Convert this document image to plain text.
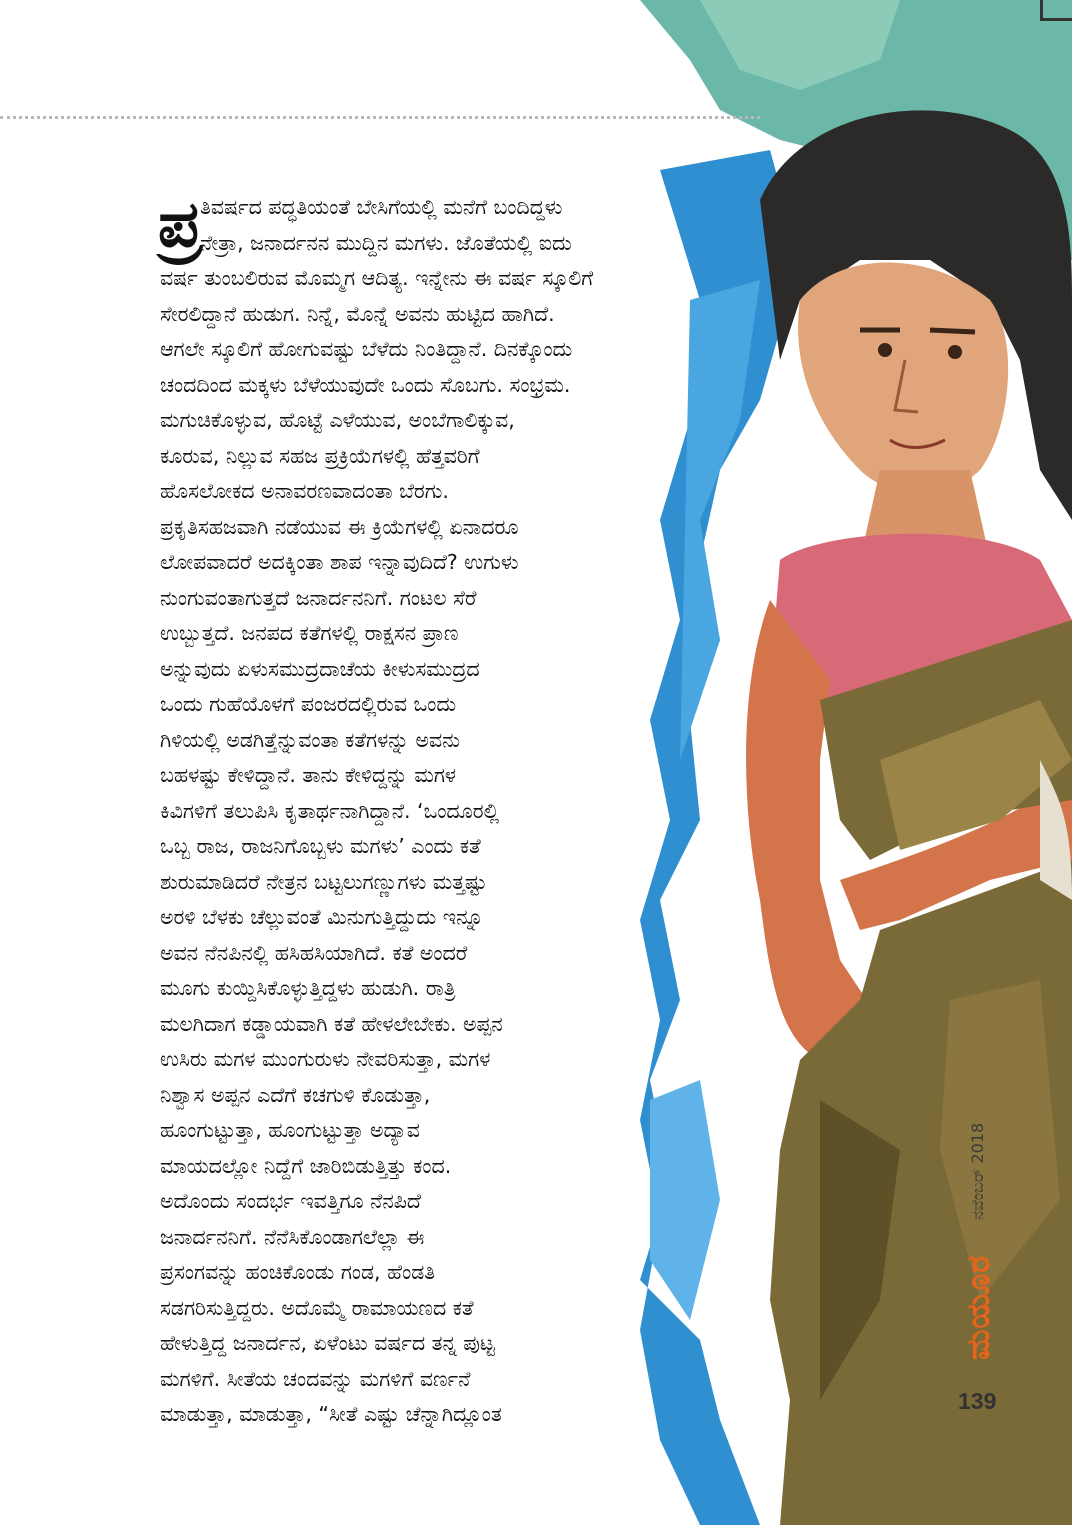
ಪ್ರ
ತಿವರ್ಷದ ಪದ್ಧತಿಯಂತೆ ಬೇಸಿಗೆಯಲ್ಲಿ ಮನೆಗೆ ಬಂದಿದ್ದಳು
ನೇತ್ರಾ, ಜನಾರ್ದನನ ಮುದ್ದಿನ ಮಗಳು. ಜೊತೆಯಲ್ಲಿ ಐದು
ವರ್ಷ ತುಂಬಲಿರುವ ಮೊಮ್ಮಗ ಆದಿತ್ಯ. ಇನ್ನೇನು ಈ ವರ್ಷ ಸ್ಕೂಲಿಗೆ
ಸೇರಲಿದ್ದಾನೆ ಹುಡುಗ. ನಿನ್ನೆ, ಮೊನ್ನೆ ಅವನು ಹುಟ್ಟಿದ ಹಾಗಿದೆ.
ಆಗಲೇ ಸ್ಕೂಲಿಗೆ ಹೋಗುವಷ್ಟು ಬೆಳೆದು ನಿಂತಿದ್ದಾನೆ. ದಿನಕ್ಕೊಂದು
ಚಂದದಿಂದ ಮಕ್ಕಳು ಬೆಳೆಯುವುದೇ ಒಂದು ಸೊಬಗು. ಸಂಭ್ರಮ.
ಮಗುಚಿಕೊಳ್ಳುವ, ಹೊಟ್ಟೆ ಎಳೆಯುವ, ಅಂಬೆಗಾಲಿಕ್ಕುವ,
ಕೂರುವ, ನಿಲ್ಲುವ ಸಹಜ ಪ್ರಕ್ರಿಯೆಗಳಲ್ಲಿ ಹೆತ್ತವರಿಗೆ
ಹೊಸಲೋಕದ ಅನಾವರಣವಾದಂತಾ ಬೆರಗು.
ಪ್ರಕೃತಿಸಹಜವಾಗಿ ನಡೆಯುವ ಈ ಕ್ರಿಯೆಗಳಲ್ಲಿ ಏನಾದರೂ
ಲೋಪವಾದರೆ ಅದಕ್ಕಿಂತಾ ಶಾಪ ಇನ್ನಾವುದಿದೆ? ಉಗುಳು
ನುಂಗುವಂತಾಗುತ್ತದೆ ಜನಾರ್ದನನಿಗೆ. ಗಂಟಲ ಸೆರೆ
ಉಬ್ಬುತ್ತದೆ. ಜನಪದ ಕತೆಗಳಲ್ಲಿ ರಾಕ್ಷಸನ ಪ್ರಾಣ
ಅನ್ನುವುದು ಏಳುಸಮುದ್ರದಾಚೆಯ ಕೀಳುಸಮುದ್ರದ
ಒಂದು ಗುಹೆಯೊಳಗೆ ಪಂಜರದಲ್ಲಿರುವ ಒಂದು
ಗಿಳಿಯಲ್ಲಿ ಅಡಗಿತ್ತೆನ್ನುವಂತಾ ಕತೆಗಳನ್ನು ಅವನು
ಬಹಳಷ್ಟು ಕೇಳಿದ್ದಾನೆ. ತಾನು ಕೇಳಿದ್ದನ್ನು ಮಗಳ
ಕಿವಿಗಳಿಗೆ ತಲುಪಿಸಿ ಕೃತಾರ್ಥನಾಗಿದ್ದಾನೆ. ‘ಒಂದೂರಲ್ಲಿ
ಒಬ್ಬ ರಾಜ, ರಾಜನಿಗೊಬ್ಬಳು ಮಗಳು’ ಎಂದು ಕತೆ
ಶುರುಮಾಡಿದರೆ ನೇತ್ರನ ಬಟ್ಟಲುಗಣ್ಣುಗಳು ಮತ್ತಷ್ಟು
ಅರಳಿ ಬೆಳಕು ಚೆಲ್ಲುವಂತೆ ಮಿನುಗುತ್ತಿದ್ದುದು ಇನ್ನೂ
ಅವನ ನೆನಪಿನಲ್ಲಿ ಹಸಿಹಸಿಯಾಗಿದೆ. ಕತೆ ಅಂದರೆ
ಮೂಗು ಕುಯ್ದಿಸಿಕೊಳ್ಳುತ್ತಿದ್ದಳು ಹುಡುಗಿ. ರಾತ್ರಿ
ಮಲಗಿದಾಗ ಕಡ್ಡಾಯವಾಗಿ ಕತೆ ಹೇಳಲೇಬೇಕು. ಅಪ್ಪನ
ಉಸಿರು ಮಗಳ ಮುಂಗುರುಳು ನೇವರಿಸುತ್ತಾ, ಮಗಳ
ನಿಶ್ವಾಸ ಅಪ್ಪನ ಎದೆಗೆ ಕಚಗುಳಿ ಕೊಡುತ್ತಾ,
ಹೂಂಗುಟ್ಟುತ್ತಾ, ಹೂಂಗುಟ್ಟುತ್ತಾ ಅದ್ಯಾವ
ಮಾಯದಲ್ಲೋ ನಿದ್ದೆಗೆ ಜಾರಿಬಿಡುತ್ತಿತ್ತು ಕಂದ.
ಅದೊಂದು ಸಂದರ್ಭ ಇವತ್ತಿಗೂ ನೆನಪಿದೆ
ಜನಾರ್ದನನಿಗೆ. ನೆನೆಸಿಕೊಂಡಾಗಲೆಲ್ಲಾ ಈ
ಪ್ರಸಂಗವನ್ನು ಹಂಚಿಕೊಂಡು ಗಂಡ, ಹೆಂಡತಿ
ಸಡಗರಿಸುತ್ತಿದ್ದರು. ಅದೊಮ್ಮೆ ರಾಮಾಯಣದ ಕತೆ
ಹೇಳುತ್ತಿದ್ದ ಜನಾರ್ದನ, ಏಳೆಂಟು ವರ್ಷದ ತನ್ನ ಪುಟ್ಟ
ಮಗಳಿಗೆ. ಸೀತೆಯ ಚಂದವನ್ನು ಮಗಳಿಗೆ ವರ್ಣನೆ
ಮಾಡುತ್ತಾ, ಮಾಡುತ್ತಾ, “ಸೀತೆ ಎಷ್ಟು ಚೆನ್ನಾಗಿದ್ಲೂಂತ
ನವೆಂಬರ್ 2018
ಮಯೂರ
139
